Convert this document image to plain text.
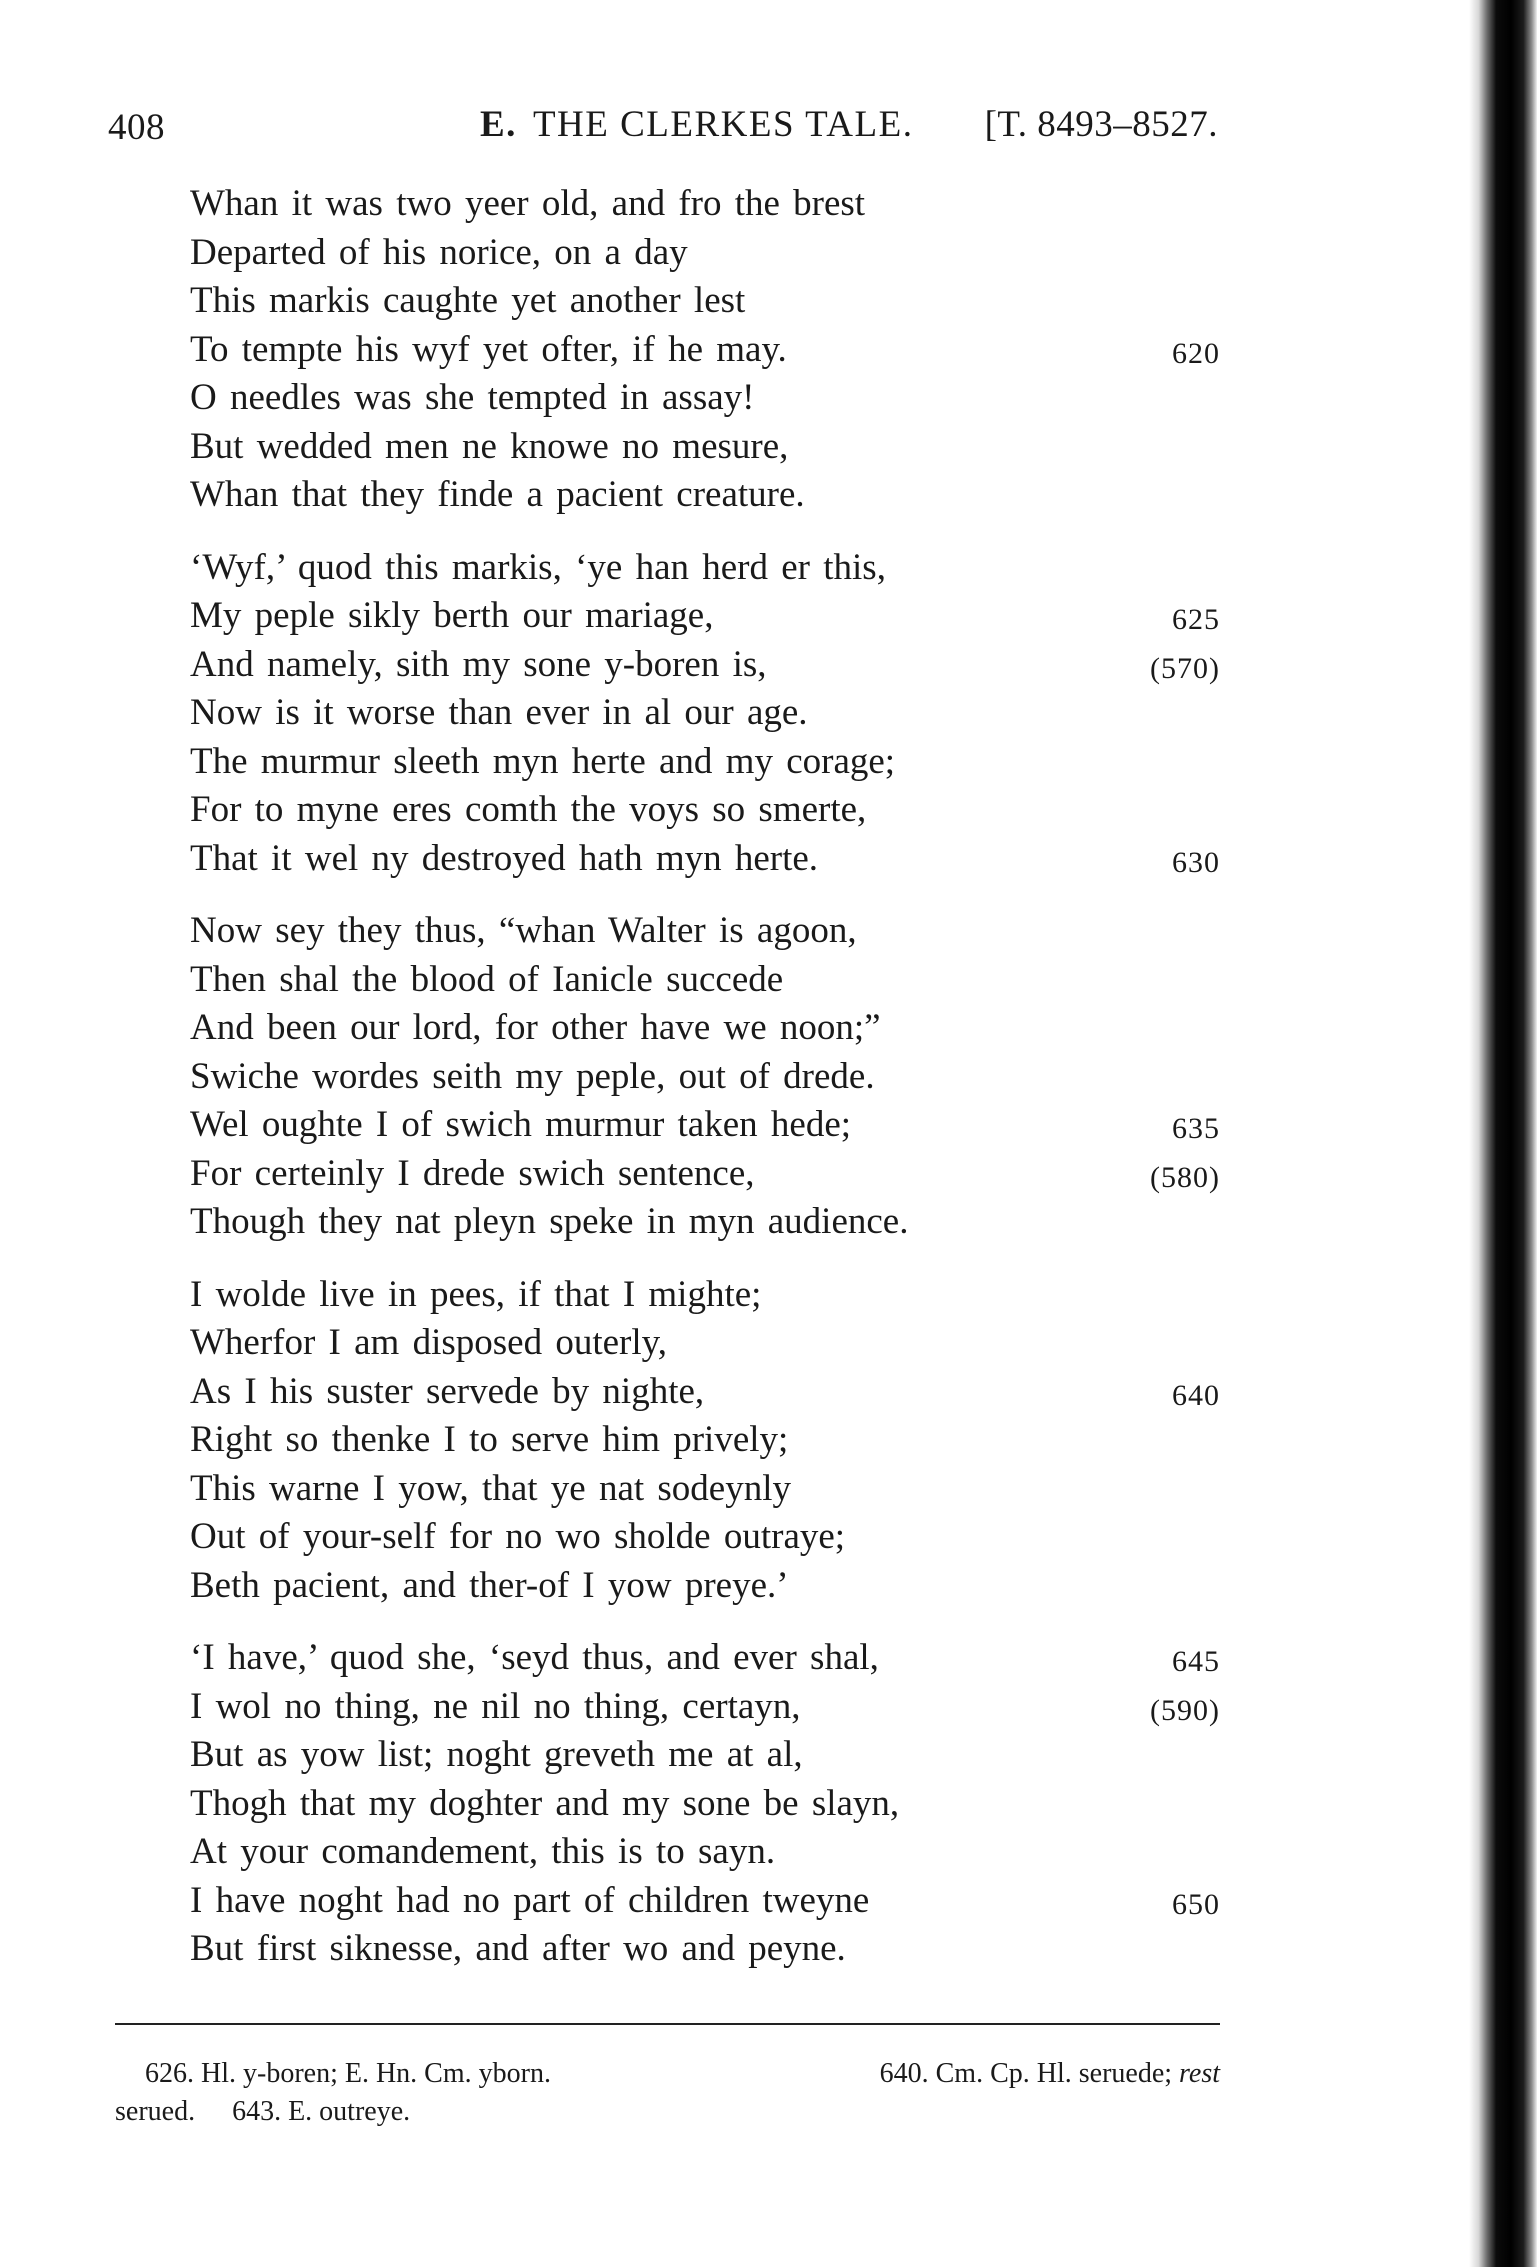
408	E. THE CLERKES TALE. [T. 8493–8527.
Whan it was two yeer old, and fro the brest
Departed of his norice, on a day
This markis caughte yet another lest
To tempte his wyf yet ofter, if he may.	620
O needles was she tempted in assay!
But wedded men ne knowe no mesure,
Whan that they finde a pacient creature.
‘Wyf,’ quod this markis, ‘ye han herd er this,
My peple sikly berth our mariage,	625
And namely, sith my sone y-boren is,	(570)
Now is it worse than ever in al our age.
The murmur sleeth myn herte and my corage;
For to myne eres comth the voys so smerte,
That it wel ny destroyed hath myn herte.	630
Now sey they thus, “whan Walter is agoon,
Then shal the blood of Ianicle succede
And been our lord, for other have we noon;”
Swiche wordes seith my peple, out of drede.
Wel oughte I of swich murmur taken hede;	635
For certeinly I drede swich sentence,	(580)
Though they nat pleyn speke in myn audience.
I wolde live in pees, if that I mighte;
Wherfor I am disposed outerly,
As I his suster servede by nighte,	640
Right so thenke I to serve him prively;
This warne I yow, that ye nat sodeynly
Out of your-self for no wo sholde outraye;
Beth pacient, and ther-of I yow preye.’
‘I have,’ quod she, ‘seyd thus, and ever shal,	645
I wol no thing, ne nil no thing, certayn,	(590)
But as yow list; noght greveth me at al,
Thogh that my doghter and my sone be slayn,
At your comandement, this is to sayn.
I have noght had no part of children tweyne	650
But first siknesse, and after wo and peyne.
626. Hl. y-boren; E. Hn. Cm. yborn.	640. Cm. Cp. Hl. seruede; rest
serued. 643. E. outreye.
